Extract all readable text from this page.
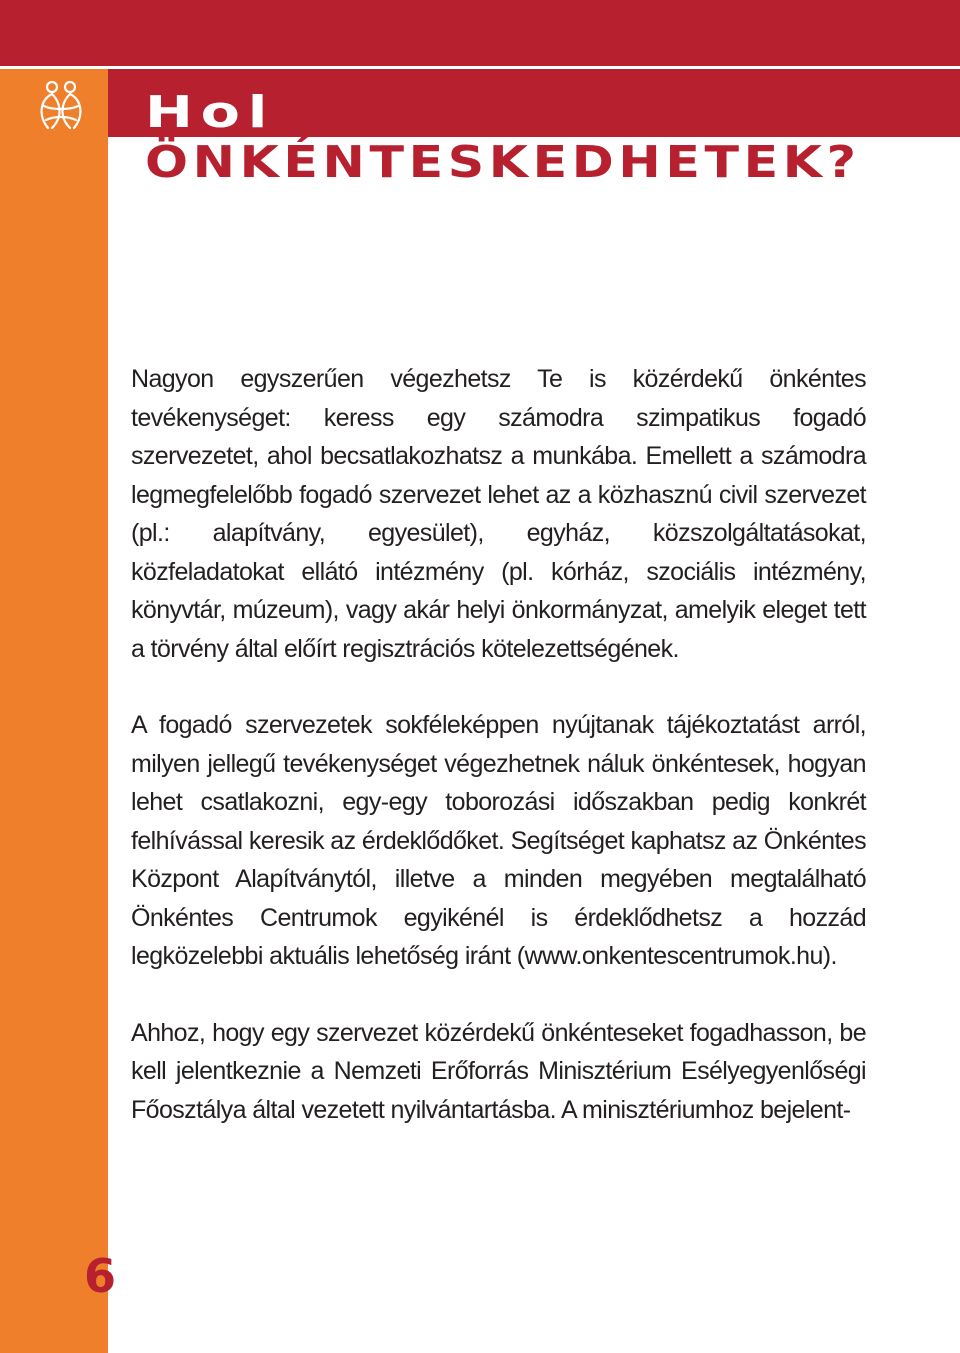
Hol
ÖNKÉNTESKEDHETEK?

Nagyon egyszerűen végezhetsz Te is közérdekű önkéntes tevékenységet: keress egy számodra szimpatikus fogadó szervezetet, ahol becsatlakozhatsz a munkába. Emellett a számodra legmegfelelőbb fogadó szervezet lehet az a közhasznú civil szervezet (pl.: alapítvány, egyesület), egyház, közszolgáltatásokat, közfeladatokat ellátó intézmény (pl. kórház, szociális intézmény, könyvtár, múzeum), vagy akár helyi önkormányzat, amelyik eleget tett a törvény által előírt regisztrációs kötelezettségének.

A fogadó szervezetek sokféleképpen nyújtanak tájékoztatást arról, milyen jellegű tevékenységet végezhetnek náluk önkéntesek, hogyan lehet csatlakozni, egy-egy toborozási időszakban pedig konkrét felhívással keresik az érdeklődőket. Segítséget kaphatsz az Önkéntes Központ Alapítványtól, illetve a minden megyében megtalálható Önkéntes Centrumok egyikénél is érdeklődhetsz a hozzád legközelebbi aktuális lehetőség iránt (www.onkentescentrumok.hu).

Ahhoz, hogy egy szervezet közérdekű önkénteseket fogadhasson, be kell jelentkeznie a Nemzeti Erőforrás Minisztérium Esélyegyenlőségi Főosztálya által vezetett nyilvántartásba. A minisztériumhoz bejelent-

6
